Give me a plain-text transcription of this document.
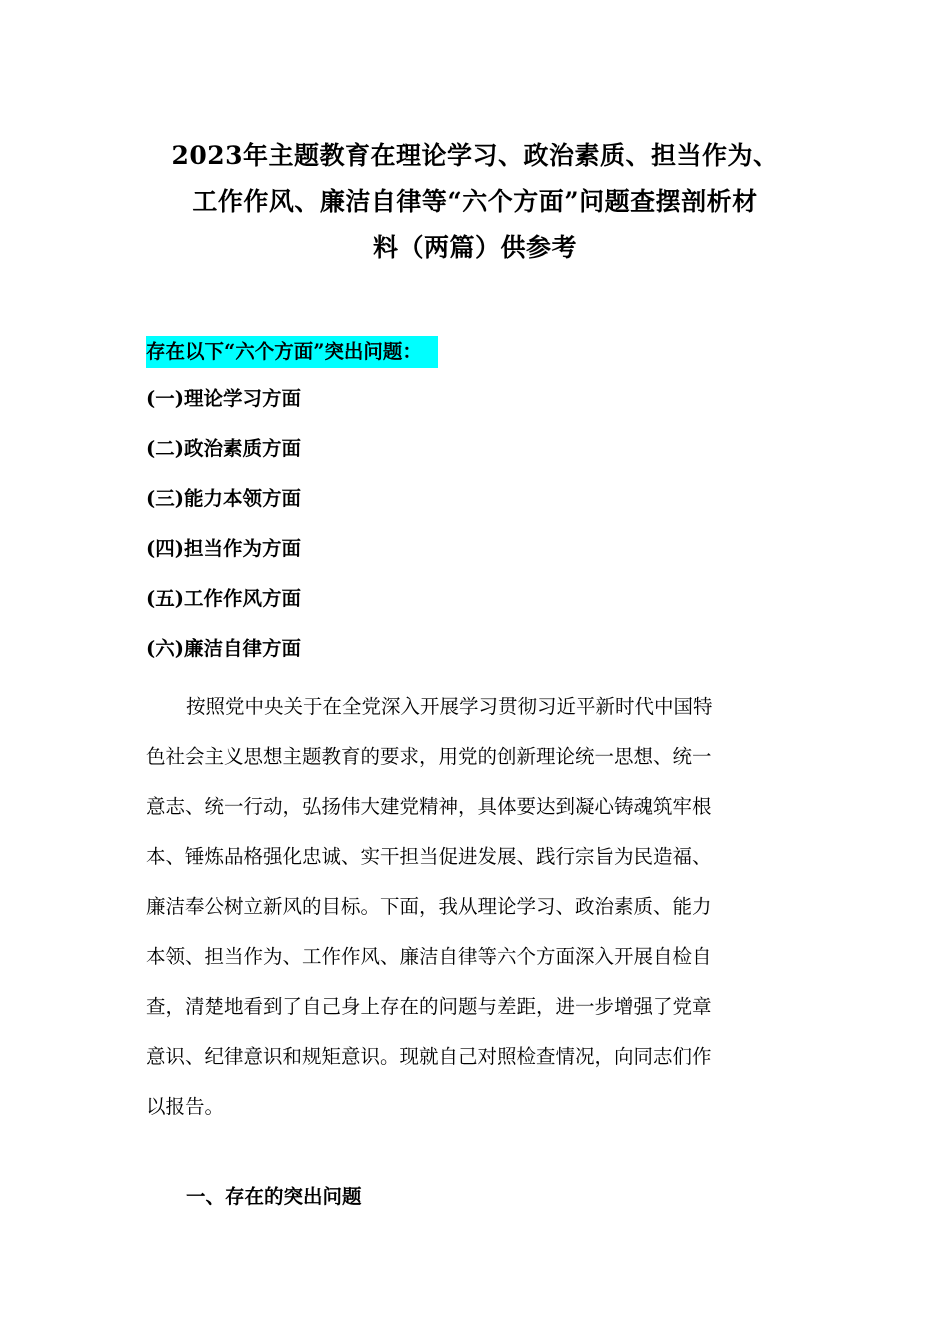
2023年主题教育在理论学习、政治素质、担当作为、
工作作风、廉洁自律等“六个方面”问题查摆剖析材
料（两篇）供参考
存在以下“六个方面”突出问题：
(一)理论学习方面
(二)政治素质方面
(三)能力本领方面
(四)担当作为方面
(五)工作作风方面
(六)廉洁自律方面
按照党中央关于在全党深入开展学习贯彻习近平新时代中国特
色社会主义思想主题教育的要求，用党的创新理论统一思想、统一
意志、统一行动，弘扬伟大建党精神，具体要达到凝心铸魂筑牢根
本、锤炼品格强化忠诚、实干担当促进发展、践行宗旨为民造福、
廉洁奉公树立新风的目标。下面，我从理论学习、政治素质、能力
本领、担当作为、工作作风、廉洁自律等六个方面深入开展自检自
查，清楚地看到了自己身上存在的问题与差距，进一步增强了党章
意识、纪律意识和规矩意识。现就自己对照检查情况，向同志们作
以报告。
一、存在的突出问题
